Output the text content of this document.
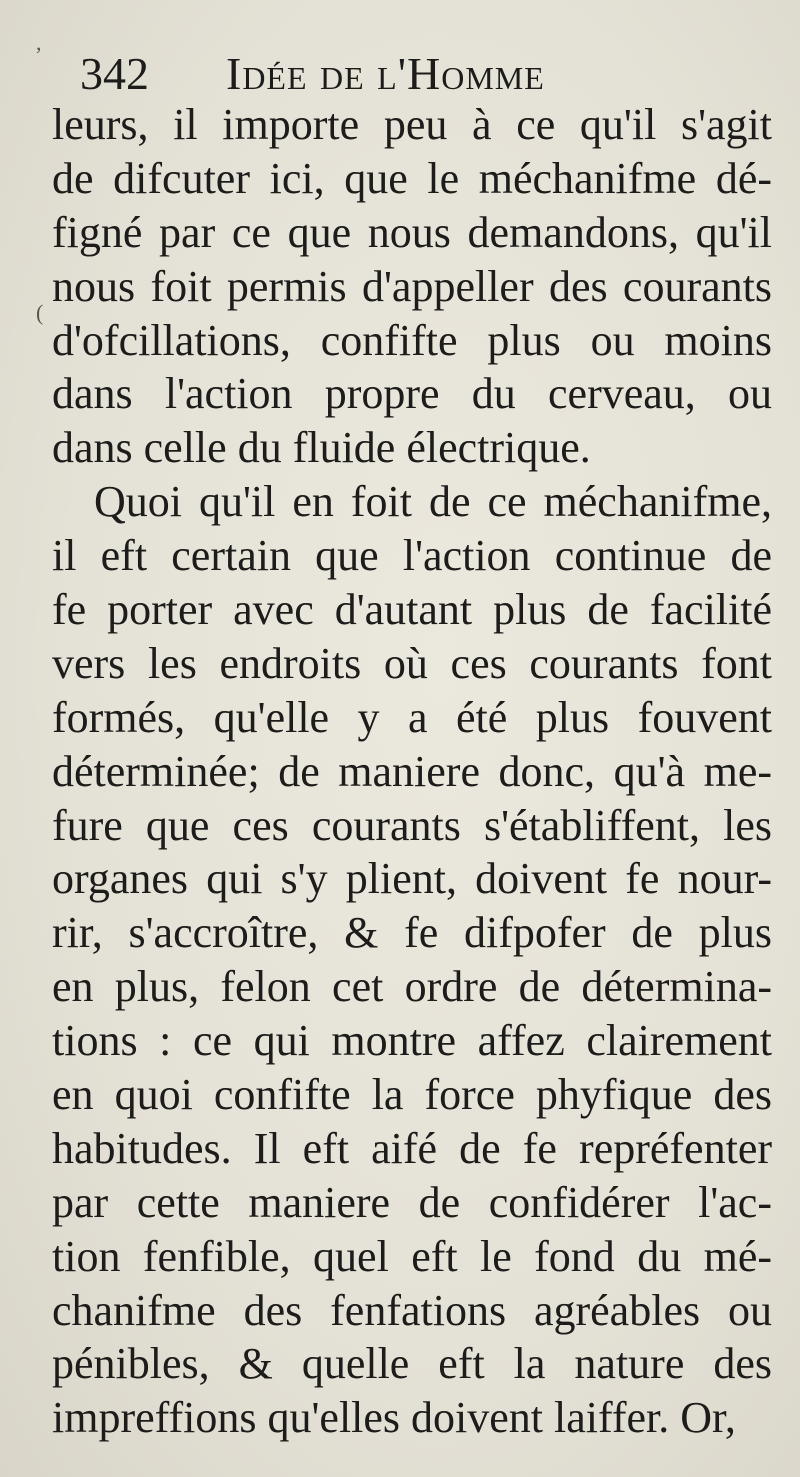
,
(
342 Idée de l'Homme
leurs, il importe peu à ce qu'il s'agit
de difcuter ici, que le méchanifme dé-
figné par ce que nous demandons, qu'il
nous foit permis d'appeller des courants
d'ofcillations, confifte plus ou moins
dans l'action propre du cerveau, ou
dans celle du fluide électrique.
Quoi qu'il en foit de ce méchanifme,
il eft certain que l'action continue de
fe porter avec d'autant plus de facilité
vers les endroits où ces courants font
formés, qu'elle y a été plus fouvent
déterminée; de maniere donc, qu'à me-
fure que ces courants s'établiffent, les
organes qui s'y plient, doivent fe nour-
rir, s'accroître, & fe difpofer de plus
en plus, felon cet ordre de détermina-
tions : ce qui montre affez clairement
en quoi confifte la force phyfique des
habitudes. Il eft aifé de fe repréfenter
par cette maniere de confidérer l'ac-
tion fenfible, quel eft le fond du mé-
chanifme des fenfations agréables ou
pénibles, & quelle eft la nature des
impreffions qu'elles doivent laiffer. Or,
